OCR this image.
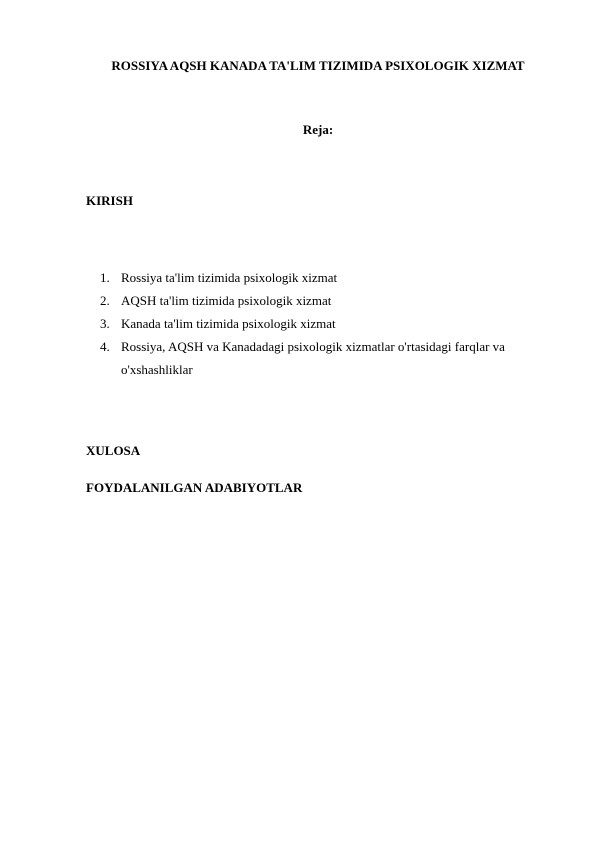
ROSSIYA AQSH KANADA TA'LIM TIZIMIDA PSIXOLOGIK XIZMAT
Reja:
KIRISH
1. Rossiya ta'lim tizimida psixologik xizmat
2. AQSH ta'lim tizimida psixologik xizmat
3. Kanada ta'lim tizimida psixologik xizmat
4. Rossiya, AQSH va Kanadadagi psixologik xizmatlar o'rtasidagi farqlar va o'xshashliklar
XULOSA
FOYDALANILGAN ADABIYOTLAR
